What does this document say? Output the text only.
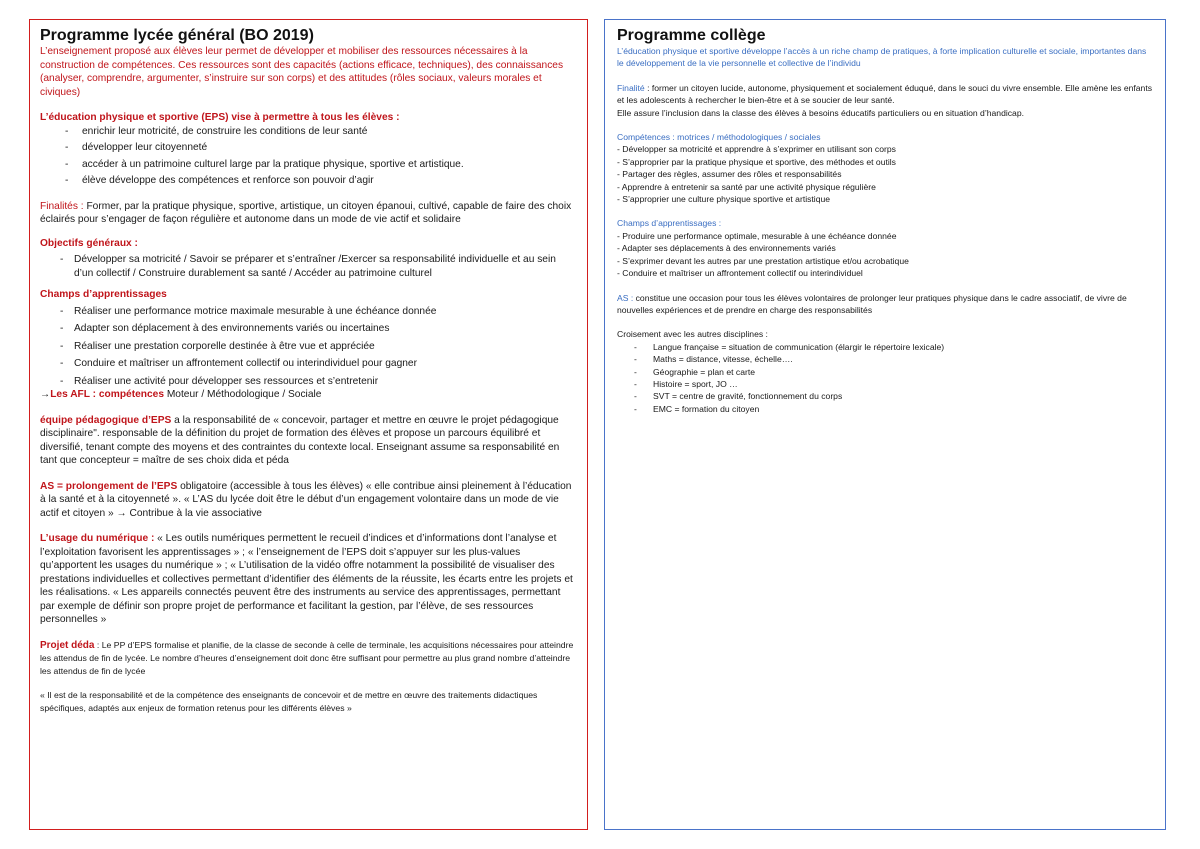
Programme lycée général (BO 2019)

L’enseignement proposé aux élèves leur permet de développer et mobiliser des ressources nécessaires à la construction de compétences. Ces ressources sont des capacités (actions efficace, techniques), des connaissances (analyser, comprendre, argumenter, s’instruire sur son corps) et des attitudes (rôles sociaux, valeurs morales et civiques)

L’éducation physique et sportive (EPS) vise à permettre à tous les élèves :

- enrichir leur motricité, de construire les conditions de leur santé
- développer leur citoyenneté
- accéder à un patrimoine culturel large par la pratique physique, sportive et artistique.
- élève développe des compétences et renforce son pouvoir d’agir

Finalités : Former, par la pratique physique, sportive, artistique, un citoyen épanoui, cultivé, capable de faire des choix éclairés pour s’engager de façon régulière et autonome dans un mode de vie actif et solidaire

Objectifs généraux :

- Développer sa motricité / Savoir se préparer et s’entraîner /Exercer sa responsabilité individuelle et au sein d’un collectif / Construire durablement sa santé / Accéder au patrimoine culturel

Champs d’apprentissages

- Réaliser une performance motrice maximale mesurable à une échéance donnée
- Adapter son déplacement à des environnements variés ou incertaines
- Réaliser une prestation corporelle destinée à être vue et appréciée
- Conduire et maîtriser un affrontement collectif ou interindividuel pour gagner
- Réaliser une activité pour développer ses ressources et s’entretenir

→Les AFL : compétences Moteur / Méthodologique / Sociale

équipe pédagogique d’EPS a la responsabilité de « concevoir, partager et mettre en œuvre le projet pédagogique disciplinaire". responsable de la définition du projet de formation des élèves et propose un parcours équilibré et diversifié, tenant compte des moyens et des contraintes du contexte local. Enseignant assume sa responsabilité en tant que concepteur = maître de ses choix dida et péda

AS = prolongement de l’EPS obligatoire (accessible à tous les élèves) « elle contribue ainsi pleinement à l’éducation à la santé et à la citoyenneté ». « L’AS du lycée doit être le début d’un engagement volontaire dans un mode de vie actif et citoyen » → Contribue à la vie associative

L’usage du numérique : « Les outils numériques permettent le recueil d’indices et d’informations dont l’analyse et l’exploitation favorisent les apprentissages » ; « l’enseignement de l’EPS doit s’appuyer sur les plus-values qu’apportent les usages du numérique » ; « L’utilisation de la vidéo offre notamment la possibilité de visualiser des prestations individuelles et collectives permettant d’identifier des éléments de la réussite, les écarts entre les projets et les réalisations. « Les appareils connectés peuvent être des instruments au service des apprentissages, permettant par exemple de définir son propre projet de performance et facilitant la gestion, par l’élève, de ses ressources personnelles »

Projet déda : Le PP d’EPS formalise et planifie, de la classe de seconde à celle de terminale, les acquisitions nécessaires pour atteindre les attendus de fin de lycée. Le nombre d’heures d’enseignement doit donc être suffisant pour permettre au plus grand nombre d’atteindre les attendus de fin de lycée

« Il est de la responsabilité et de la compétence des enseignants de concevoir et de mettre en œuvre des traitements didactiques spécifiques, adaptés aux enjeux de formation retenus pour les différents élèves »

Programme collège

L’éducation physique et sportive développe l’accès à un riche champ de pratiques, à forte implication culturelle et sociale, importantes dans le développement de la vie personnelle et collective de l’individu

Finalité : former un citoyen lucide, autonome, physiquement et socialement éduqué, dans le souci du vivre ensemble. Elle amène les enfants et les adolescents à rechercher le bien-être et à se soucier de leur santé.

Elle assure l’inclusion dans la classe des élèves à besoins éducatifs particuliers ou en situation d’handicap.

Compétences : motrices / méthodologiques / sociales

- Développer sa motricité et apprendre à s’exprimer en utilisant son corps
- S’approprier par la pratique physique et sportive, des méthodes et outils
- Partager des règles, assumer des rôles et responsabilités
- Apprendre à entretenir sa santé par une activité physique régulière
- S’approprier une culture physique sportive et artistique

Champs d’apprentissages :

- Produire une performance optimale, mesurable à une échéance donnée
- Adapter ses déplacements à des environnements variés
- S’exprimer devant les autres par une prestation artistique et/ou acrobatique
- Conduire et maîtriser un affrontement collectif ou interindividuel

AS : constitue une occasion pour tous les élèves volontaires de prolonger leur pratiques physique dans le cadre associatif, de vivre de nouvelles expériences et de prendre en charge des responsabilités

Croisement avec les autres disciplines :

- Langue française = situation de communication (élargir le répertoire lexicale)
- Maths = distance, vitesse, échelle….
- Géographie = plan et carte
- Histoire = sport, JO …
- SVT = centre de gravité, fonctionnement du corps
- EMC = formation du citoyen
